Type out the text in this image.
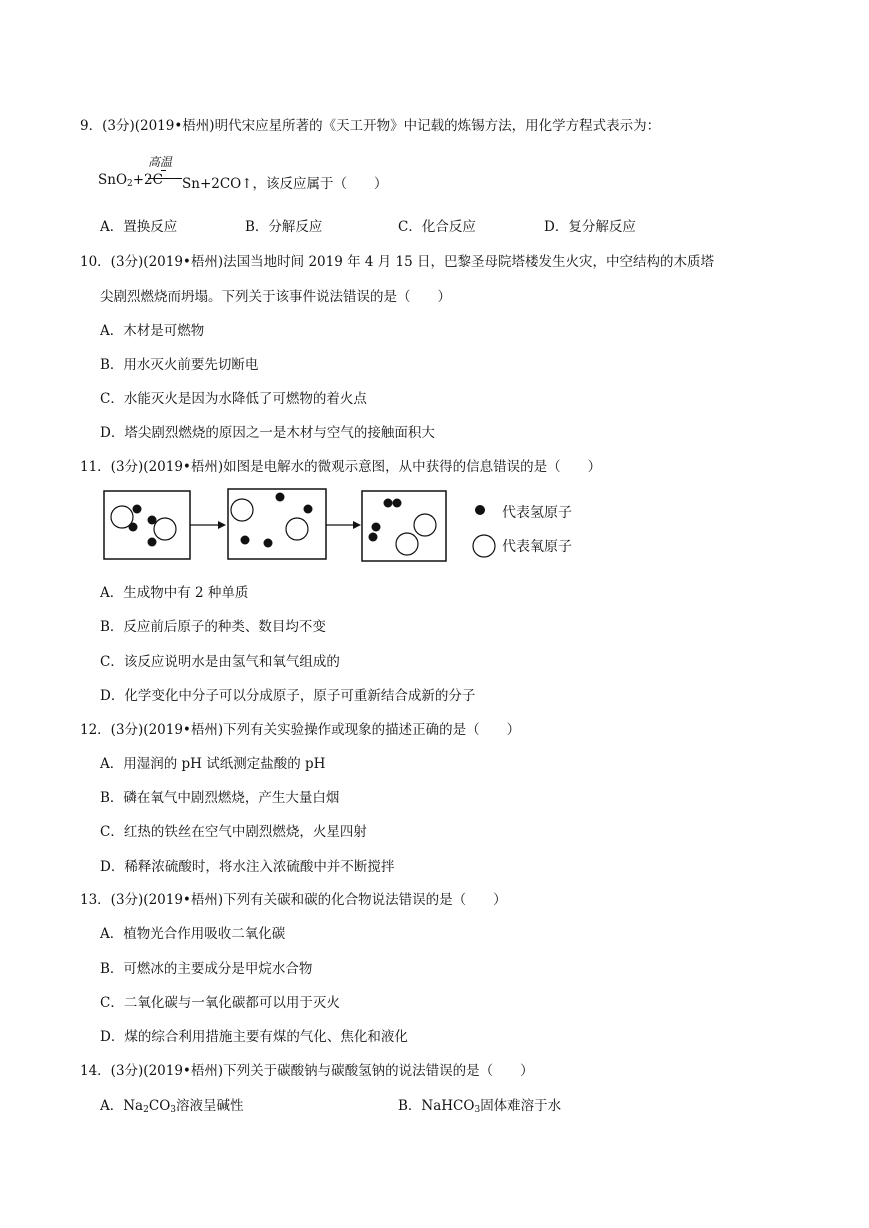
9．(3分)(2019•梧州)明代宋应星所著的《天工开物》中记载的炼锡方法，用化学方程式表示为：
高温
SnO$_2$+2C Sn+2CO↑，该反应属于（　　）
A．置换反应	B．分解反应	C．化合反应	D．复分解反应
10．(3分)(2019•梧州)法国当地时间 2019 年 4 月 15 日，巴黎圣母院塔楼发生火灾，中空结构的木质塔
尖剧烈燃烧而坍塌。下列关于该事件说法错误的是（　　）
A．木材是可燃物
B．用水灭火前要先切断电
C．水能灭火是因为水降低了可燃物的着火点
D．塔尖剧烈燃烧的原因之一是木材与空气的接触面积大
11．(3分)(2019•梧州)如图是电解水的微观示意图，从中获得的信息错误的是（　　）
代表氢原子
代表氧原子
A．生成物中有 2 种单质
B．反应前后原子的种类、数目均不变
C．该反应说明水是由氢气和氧气组成的
D．化学变化中分子可以分成原子，原子可重新结合成新的分子
12．(3分)(2019•梧州)下列有关实验操作或现象的描述正确的是（　　）
A．用湿润的 pH 试纸测定盐酸的 pH
B．磷在氧气中剧烈燃烧，产生大量白烟
C．红热的铁丝在空气中剧烈燃烧，火星四射
D．稀释浓硫酸时，将水注入浓硫酸中并不断搅拌
13．(3分)(2019•梧州)下列有关碳和碳的化合物说法错误的是（　　）
A．植物光合作用吸收二氧化碳
B．可燃冰的主要成分是甲烷水合物
C．二氧化碳与一氧化碳都可以用于灭火
D．煤的综合利用措施主要有煤的气化、焦化和液化
14．(3分)(2019•梧州)下列关于碳酸钠与碳酸氢钠的说法错误的是（　　）
A．$Na_2CO_3$溶液呈碱性	B．NaHCO$_3$固体难溶于水
